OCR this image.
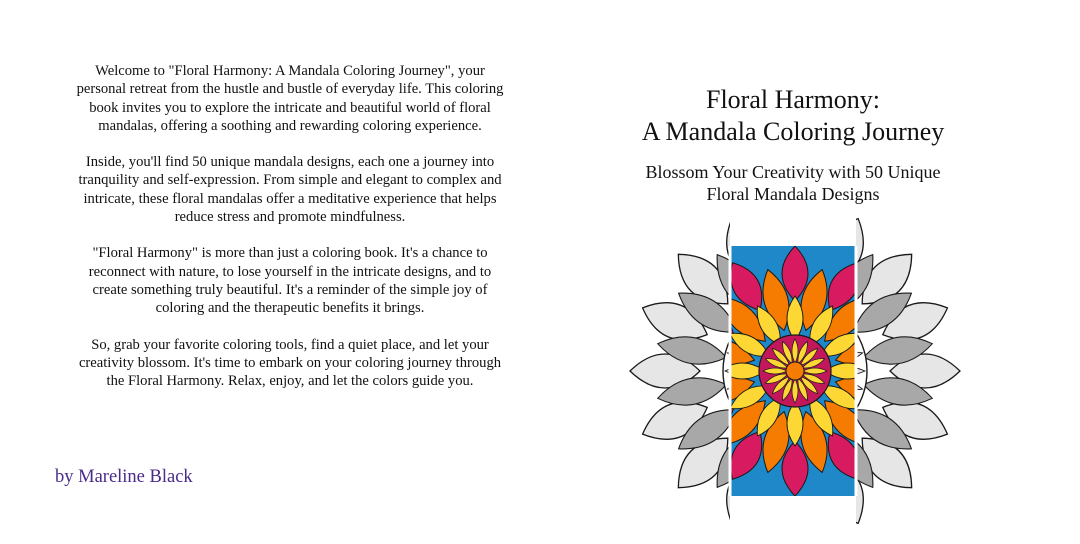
Welcome to "Floral Harmony: A Mandala Coloring Journey", your personal retreat from the hustle and bustle of everyday life. This coloring book invites you to explore the intricate and beautiful world of floral mandalas, offering a soothing and rewarding coloring experience.

Inside, you'll find 50 unique mandala designs, each one a journey into tranquility and self-expression. From simple and elegant to complex and intricate, these floral mandalas offer a meditative experience that helps reduce stress and promote mindfulness.

"Floral Harmony" is more than just a coloring book. It's a chance to reconnect with nature, to lose yourself in the intricate designs, and to create something truly beautiful. It's a reminder of the simple joy of coloring and the therapeutic benefits it brings.

So, grab your favorite coloring tools, find a quiet place, and let your creativity blossom. It's time to embark on your coloring journey through the Floral Harmony. Relax, enjoy, and let the colors guide you.

by Mareline Black
Floral Harmony:
A Mandala Coloring Journey

Blossom Your Creativity with 50 Unique
Floral Mandala Designs
